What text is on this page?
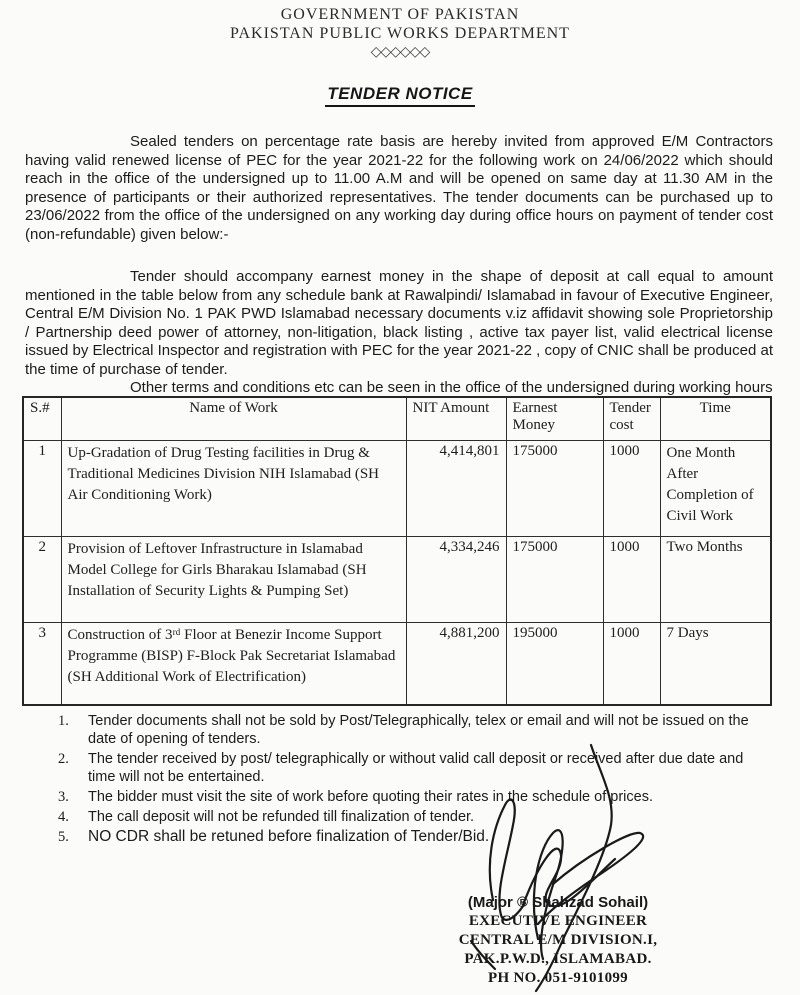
GOVERNMENT OF PAKISTAN
PAKISTAN PUBLIC WORKS DEPARTMENT
◇◇◇◇◇◇
TENDER NOTICE

Sealed tenders on percentage rate basis are hereby invited from approved E/M Contractors having valid renewed license of PEC for the year 2021-22 for the following work on 24/06/2022 which should reach in the office of the undersigned up to 11.00 A.M and will be opened on same day at 11.30 AM in the presence of participants or their authorized representatives. The tender documents can be purchased up to 23/06/2022 from the office of the undersigned on any working day during office hours on payment of tender cost (non-refundable) given below:-

Tender should accompany earnest money in the shape of deposit at call equal to amount mentioned in the table below from any schedule bank at Rawalpindi/ Islamabad in favour of Executive Engineer, Central E/M Division No. 1 PAK PWD Islamabad necessary documents v.iz affidavit showing sole Proprietorship / Partnership deed power of attorney, non-litigation, black listing , active tax payer list, valid electrical license issued by Electrical Inspector and registration with PEC for the year 2021-22 , copy of CNIC shall be produced at the time of purchase of tender.

Other terms and conditions etc can be seen in the office of the undersigned during working hours

S.#	Name of Work	NIT Amount	Earnest Money	Tender cost	Time
1	Up-Gradation of Drug Testing facilities in Drug & Traditional Medicines Division NIH Islamabad (SH Air Conditioning Work)	4,414,801	175000	1000	One Month After Completion of Civil Work
2	Provision of Leftover Infrastructure in Islamabad Model College for Girls Bharakau Islamabad (SH Installation of Security Lights & Pumping Set)	4,334,246	175000	1000	Two Months
3	Construction of 3ʳᵈ Floor at Benezir Income Support Programme (BISP) F-Block Pak Secretariat Islamabad (SH Additional Work of Electrification)	4,881,200	195000	1000	7 Days
1.	Tender documents shall not be sold by Post/Telegraphically, telex or email and will not be issued on the date of opening of tenders.
2.	The tender received by post/ telegraphically or without valid call deposit or received after due date and time will not be entertained.
3.	The bidder must visit the site of work before quoting their rates in the schedule of prices.
4.	The call deposit will not be refunded till finalization of tender.
5.	NO CDR shall be retuned before finalization of Tender/Bid.
(Major ® Shahzad Sohail)
EXECUTIVE ENGINEER
CENTRAL E/M DIVISION.I,
PAK.P.W.D., ISLAMABAD.
PH NO. 051-9101099
